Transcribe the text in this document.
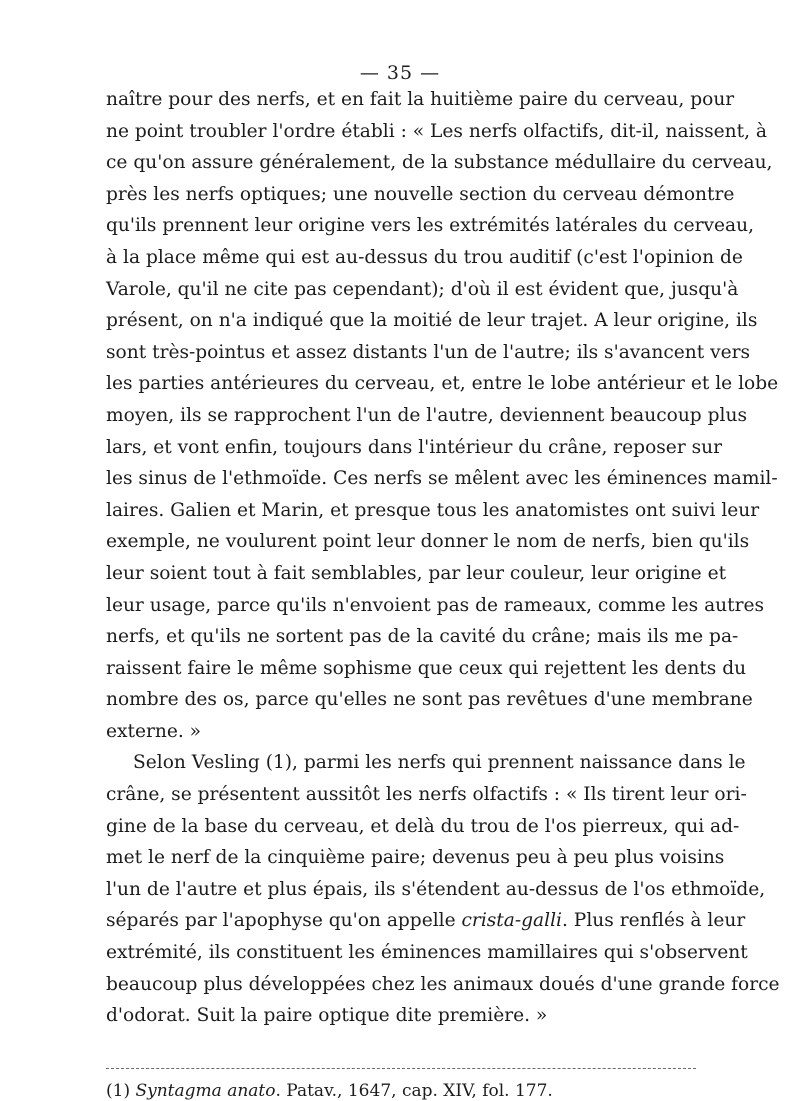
— 35 —
naître pour des nerfs, et en fait la huitième paire du cerveau, pour
ne point troubler l'ordre établi : « Les nerfs olfactifs, dit-il, naissent, à
ce qu'on assure généralement, de la substance médullaire du cerveau,
près les nerfs optiques; une nouvelle section du cerveau démontre
qu'ils prennent leur origine vers les extrémités latérales du cerveau,
à la place même qui est au-dessus du trou auditif (c'est l'opinion de
Varole, qu'il ne cite pas cependant); d'où il est évident que, jusqu'à
présent, on n'a indiqué que la moitié de leur trajet. A leur origine, ils
sont très-pointus et assez distants l'un de l'autre; ils s'avancent vers
les parties antérieures du cerveau, et, entre le lobe antérieur et le lobe
moyen, ils se rapprochent l'un de l'autre, deviennent beaucoup plus
lars, et vont enfin, toujours dans l'intérieur du crâne, reposer sur
les sinus de l'ethmoïde. Ces nerfs se mêlent avec les éminences mamil-
laires. Galien et Marin, et presque tous les anatomistes ont suivi leur
exemple, ne voulurent point leur donner le nom de nerfs, bien qu'ils
leur soient tout à fait semblables, par leur couleur, leur origine et
leur usage, parce qu'ils n'envoient pas de rameaux, comme les autres
nerfs, et qu'ils ne sortent pas de la cavité du crâne; mais ils me pa-
raissent faire le même sophisme que ceux qui rejettent les dents du
nombre des os, parce qu'elles ne sont pas revêtues d'une membrane
externe. »
Selon Vesling (1), parmi les nerfs qui prennent naissance dans le
crâne, se présentent aussitôt les nerfs olfactifs : « Ils tirent leur ori-
gine de la base du cerveau, et delà du trou de l'os pierreux, qui ad-
met le nerf de la cinquième paire; devenus peu à peu plus voisins
l'un de l'autre et plus épais, ils s'étendent au-dessus de l'os ethmoïde,
séparés par l'apophyse qu'on appelle crista-galli. Plus renflés à leur
extrémité, ils constituent les éminences mamillaires qui s'observent
beaucoup plus développées chez les animaux doués d'une grande force
d'odorat. Suit la paire optique dite première. »
(1) Syntagma anato. Patav., 1647, cap. XIV, fol. 177.
